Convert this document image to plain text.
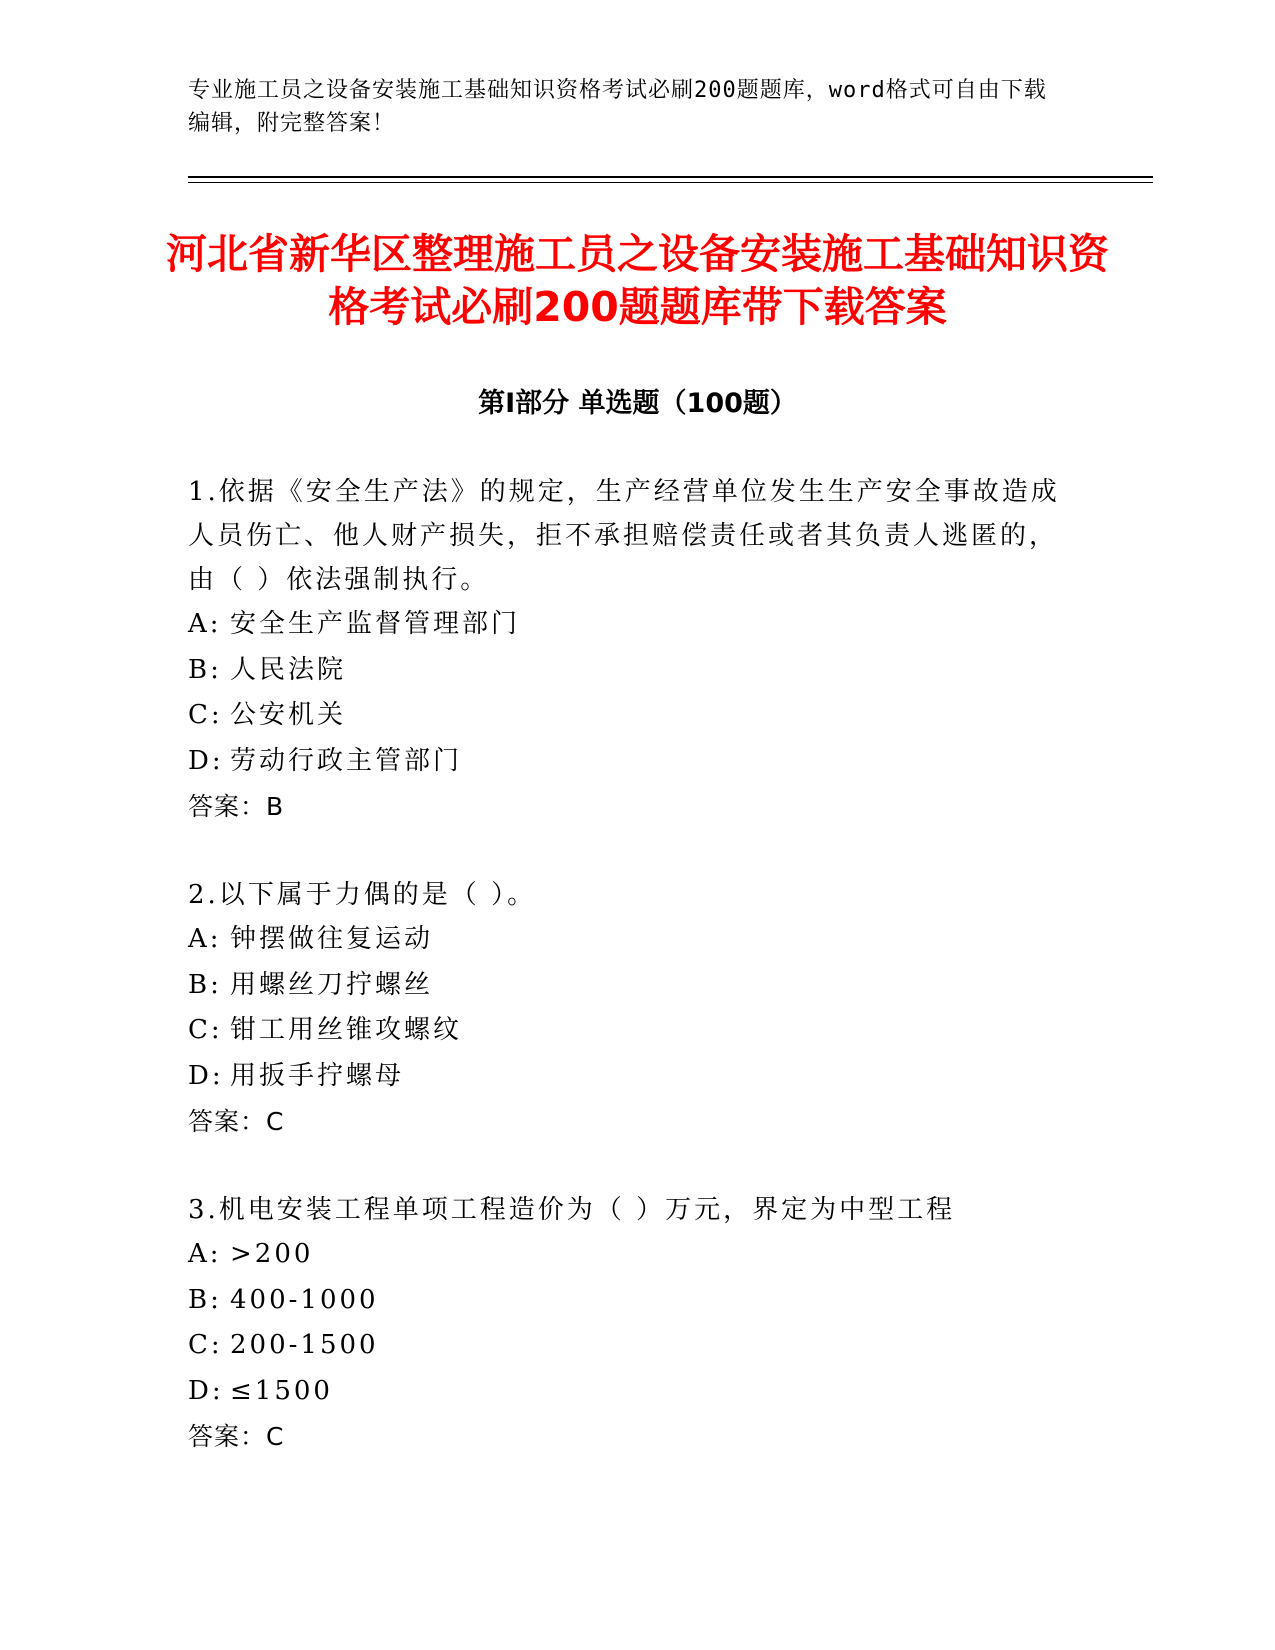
专业施工员之设备安装施工基础知识资格考试必刷200题题库，word格式可自由下载编辑，附完整答案！
河北省新华区整理施工员之设备安装施工基础知识资格考试必刷200题题库带下载答案
第Ⅰ部分 单选题（100题）

1.依据《安全生产法》的规定，生产经营单位发生生产安全事故造成人员伤亡、他人财产损失，拒不承担赔偿责任或者其负责人逃匿的，由（ ）依法强制执行。

A: 安全生产监督管理部门

B: 人民法院

C: 公安机关

D: 劳动行政主管部门

答案：B

2.以下属于力偶的是（ ）。

A: 钟摆做往复运动

B: 用螺丝刀拧螺丝

C: 钳工用丝锥攻螺纹

D: 用扳手拧螺母

答案：C

3.机电安装工程单项工程造价为（ ）万元，界定为中型工程

A: >200

B: 400-1000

C: 200-1500

D: ≤1500

答案：C
